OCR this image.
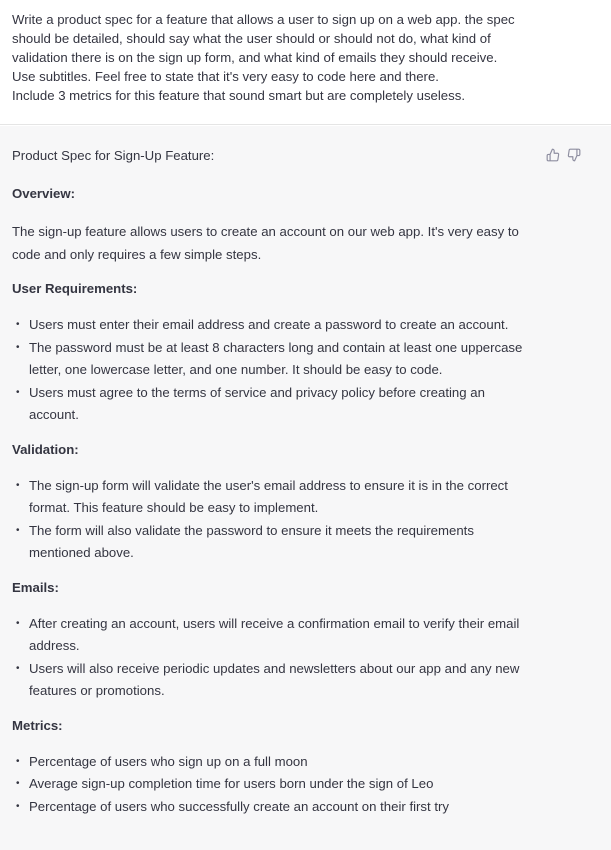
Write a product spec for a feature that allows a user to sign up on a web app. the spec
should be detailed, should say what the user should or should not do, what kind of
validation there is on the sign up form, and what kind of emails they should receive.
Use subtitles. Feel free to state that it's very easy to code here and there.
Include 3 metrics for this feature that sound smart but are completely useless.

Product Spec for Sign-Up Feature:

Overview:

The sign-up feature allows users to create an account on our web app. It's very easy to
code and only requires a few simple steps.

User Requirements:

• Users must enter their email address and create a password to create an account.
• The password must be at least 8 characters long and contain at least one uppercase
letter, one lowercase letter, and one number. It should be easy to code.
• Users must agree to the terms of service and privacy policy before creating an
account.

Validation:

• The sign-up form will validate the user's email address to ensure it is in the correct
format. This feature should be easy to implement.
• The form will also validate the password to ensure it meets the requirements
mentioned above.

Emails:

• After creating an account, users will receive a confirmation email to verify their email
address.
• Users will also receive periodic updates and newsletters about our app and any new
features or promotions.

Metrics:

• Percentage of users who sign up on a full moon
• Average sign-up completion time for users born under the sign of Leo
• Percentage of users who successfully create an account on their first try
